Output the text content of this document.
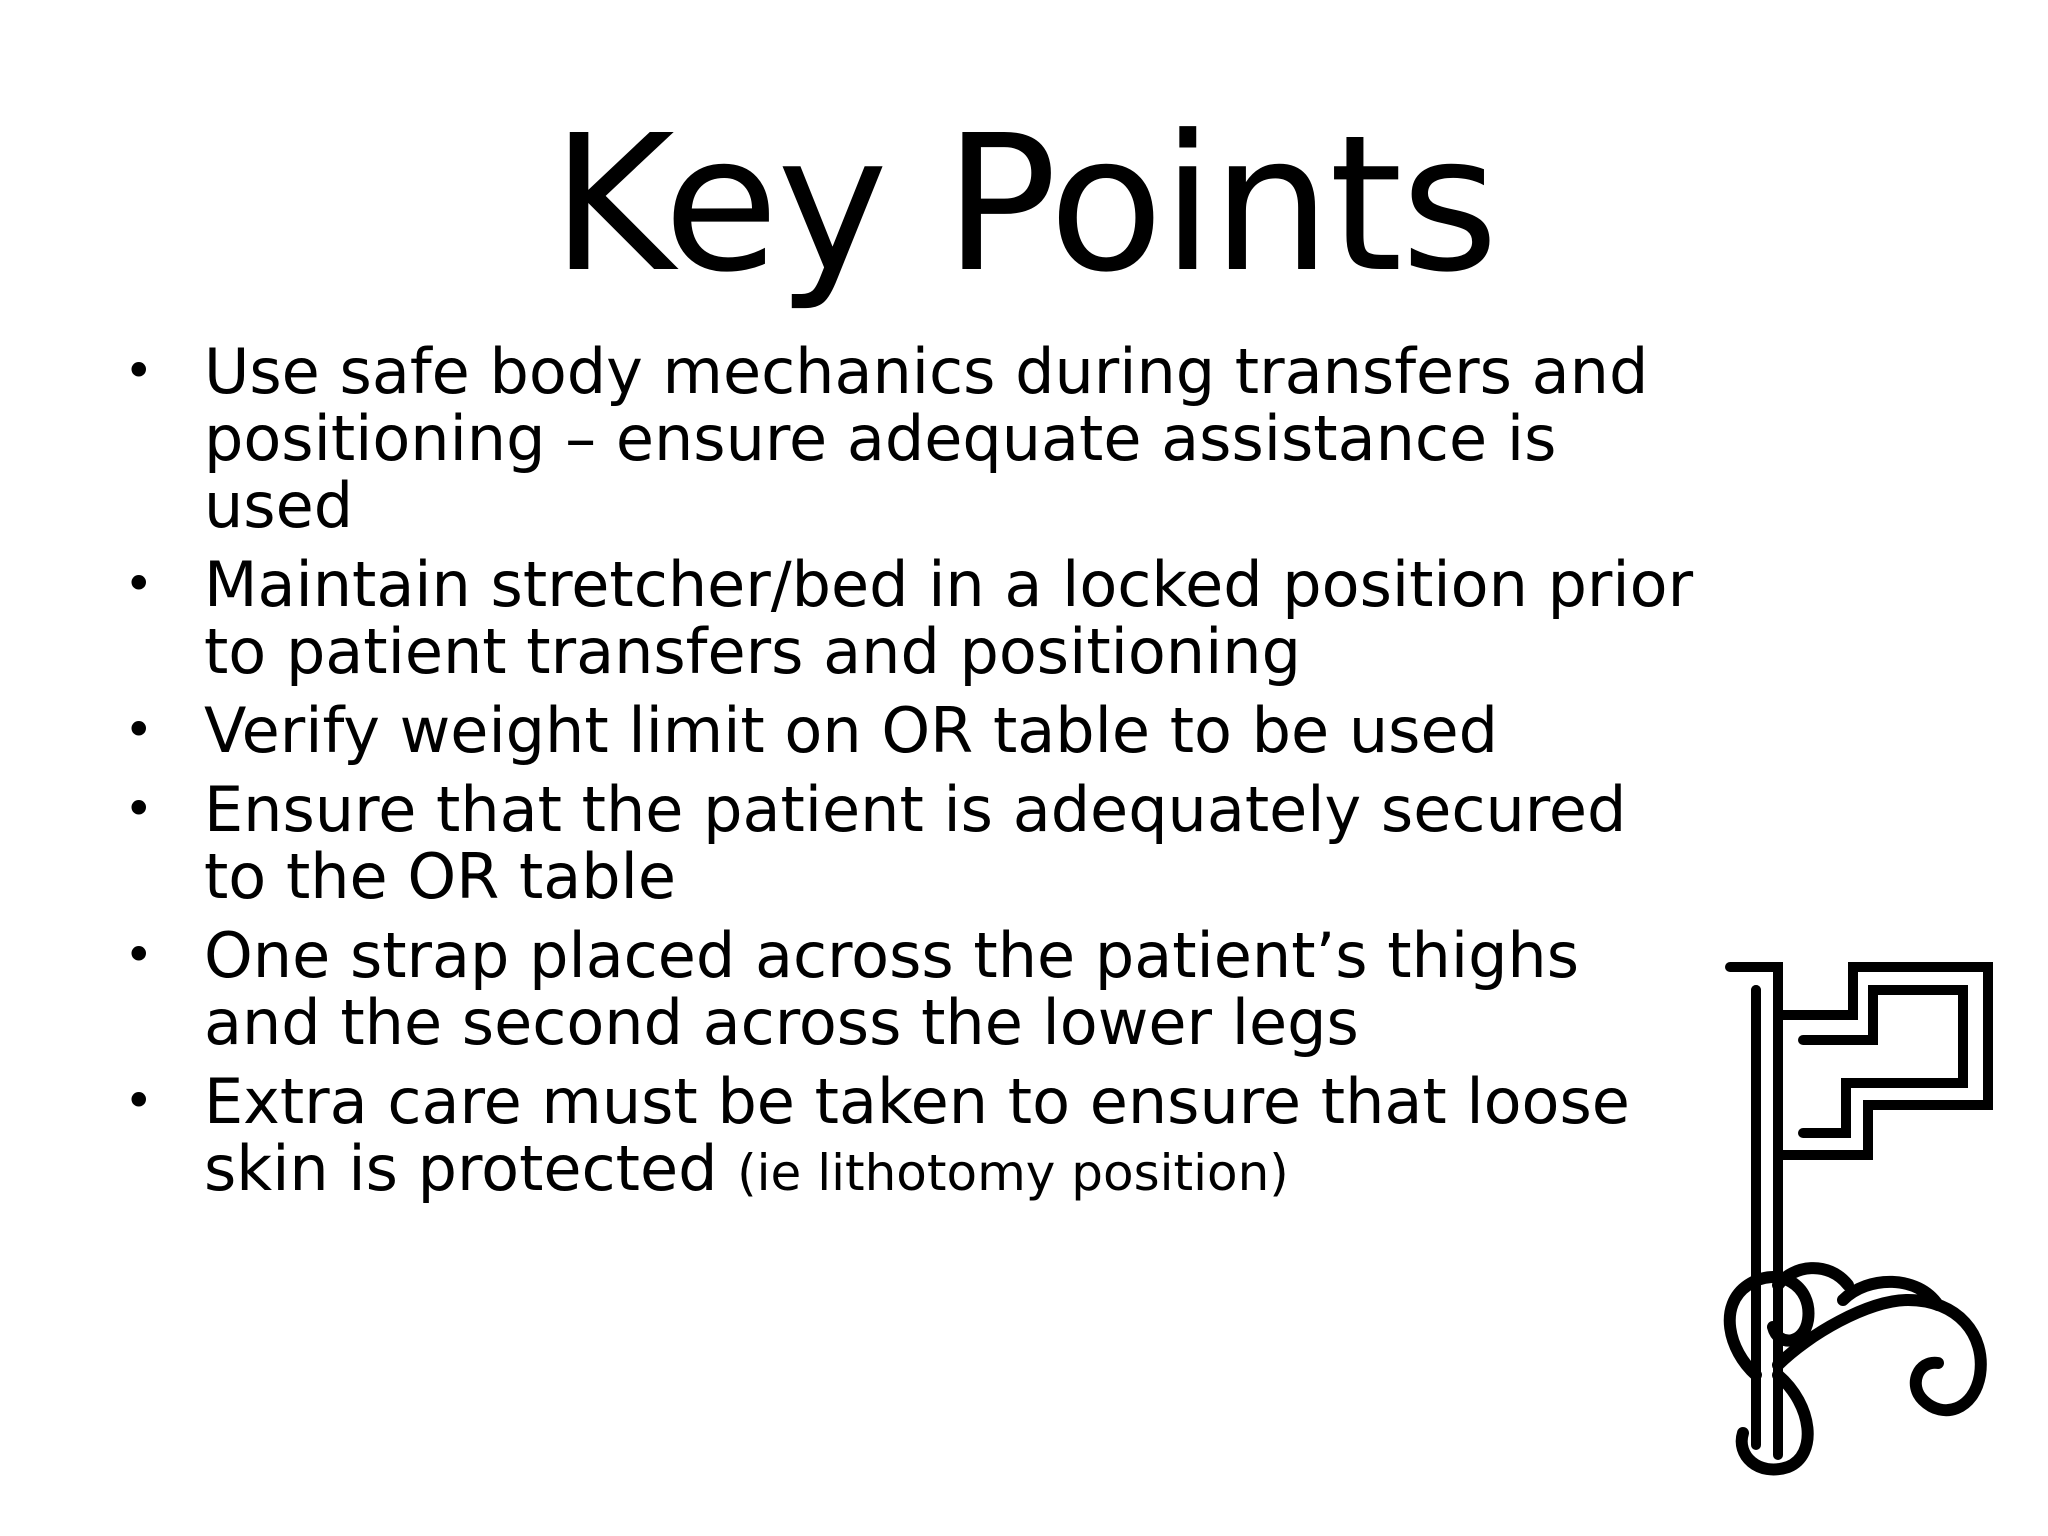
Key Points
• Use safe body mechanics during transfers and positioning – ensure adequate assistance is used
• Maintain stretcher/bed in a locked position prior to patient transfers and positioning
• Verify weight limit on OR table to be used
• Ensure that the patient is adequately secured to the OR table
• One strap placed across the patient’s thighs and the second across the lower legs
• Extra care must be taken to ensure that loose skin is protected (ie lithotomy position)
